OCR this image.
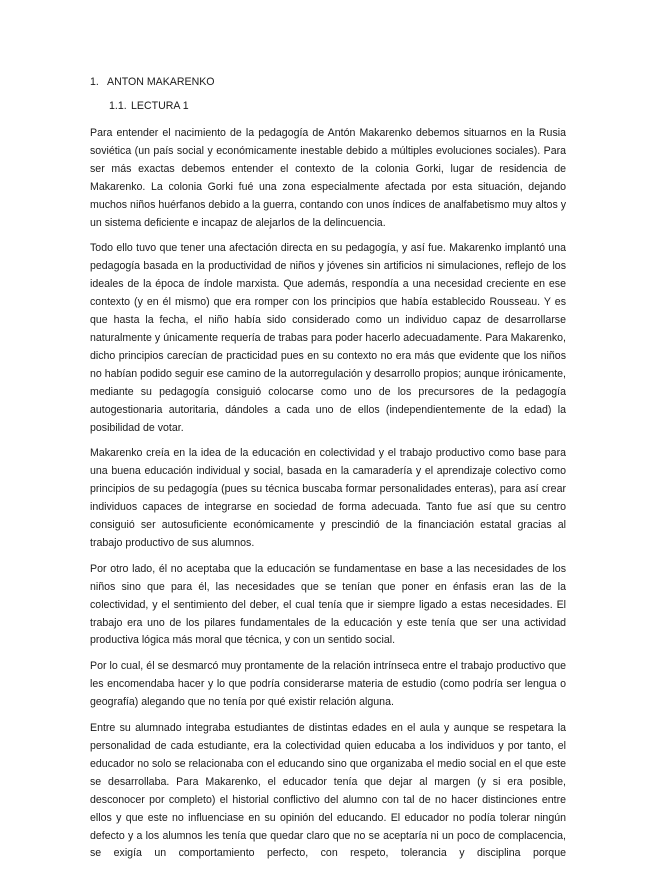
1. ANTON MAKARENKO
1.1. LECTURA 1

Para entender el nacimiento de la pedagogía de Antón Makarenko debemos situarnos en la Rusia soviética (un país social y económicamente inestable debido a múltiples evoluciones sociales). Para ser más exactas debemos entender el contexto de la colonia Gorki, lugar de residencia de Makarenko. La colonia Gorki fué una zona especialmente afectada por esta situación, dejando muchos niños huérfanos debido a la guerra, contando con unos índices de analfabetismo muy altos y un sistema deficiente e incapaz de alejarlos de la delincuencia.

Todo ello tuvo que tener una afectación directa en su pedagogía, y así fue. Makarenko implantó una pedagogía basada en la productividad de niños y jóvenes sin artificios ni simulaciones, reflejo de los ideales de la época de índole marxista. Que además, respondía a una necesidad creciente en ese contexto (y en él mismo) que era romper con los principios que había establecido Rousseau. Y es que hasta la fecha, el niño había sido considerado como un individuo capaz de desarrollarse naturalmente y únicamente requería de trabas para poder hacerlo adecuadamente. Para Makarenko, dicho principios carecían de practicidad pues en su contexto no era más que evidente que los niños no habían podido seguir ese camino de la autorregulación y desarrollo propios; aunque irónicamente, mediante su pedagogía consiguió colocarse como uno de los precursores de la pedagogía autogestionaria autoritaria, dándoles a cada uno de ellos (independientemente de la edad) la posibilidad de votar.

Makarenko creía en la idea de la educación en colectividad y el trabajo productivo como base para una buena educación individual y social, basada en la camaradería y el aprendizaje colectivo como principios de su pedagogía (pues su técnica buscaba formar personalidades enteras), para así crear individuos capaces de integrarse en sociedad de forma adecuada. Tanto fue así que su centro consiguió ser autosuficiente económicamente y prescindió de la financiación estatal gracias al trabajo productivo de sus alumnos.

Por otro lado, él no aceptaba que la educación se fundamentase en base a las necesidades de los niños sino que para él, las necesidades que se tenían que poner en énfasis eran las de la colectividad, y el sentimiento del deber, el cual tenía que ir siempre ligado a estas necesidades. El trabajo era uno de los pilares fundamentales de la educación y este tenía que ser una actividad productiva lógica más moral que técnica, y con un sentido social.

Por lo cual, él se desmarcó muy prontamente de la relación intrínseca entre el trabajo productivo que les encomendaba hacer y lo que podría considerarse materia de estudio (como podría ser lengua o geografía) alegando que no tenía por qué existir relación alguna.

Entre su alumnado integraba estudiantes de distintas edades en el aula y aunque se respetara la personalidad de cada estudiante, era la colectividad quien educaba a los individuos y por tanto, el educador no solo se relacionaba con el educando sino que organizaba el medio social en el que este se desarrollaba. Para Makarenko, el educador tenía que dejar al margen (y si era posible, desconocer por completo) el historial conflictivo del alumno con tal de no hacer distinciones entre ellos y que este no influenciase en su opinión del educando. El educador no podía tolerar ningún defecto y a los alumnos les tenía que quedar claro que no se aceptaría ni un poco de complacencia, se exigía un comportamiento perfecto, con respeto, tolerancia y disciplina porque
